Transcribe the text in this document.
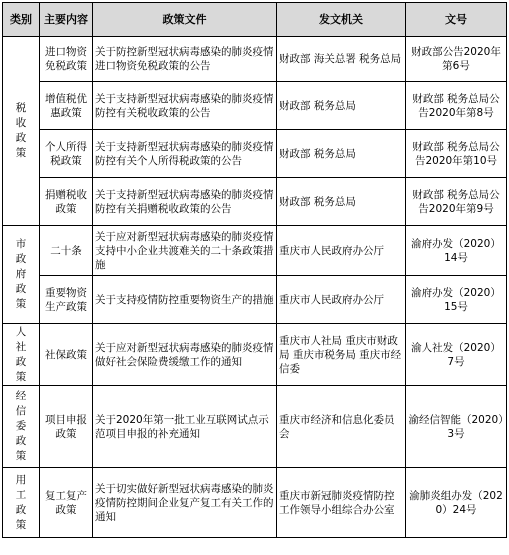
类别	主要内容	政策文件	发文机关	文号
税收政策	进口物资免税政策	关于防控新型冠状病毒感染的肺炎疫情进口物资免税政策的公告	财政部 海关总署 税务总局	财政部公告2020年第6号
	增值税优惠政策	关于支持新型冠状病毒感染的肺炎疫情防控有关税收政策的公告	财政部 税务总局	财政部 税务总局公告2020年第8号
	个人所得税政策	关于支持新型冠状病毒感染的肺炎疫情防控有关个人所得税政策的公告	财政部 税务总局	财政部 税务总局公告2020年第10号
	捐赠税收政策	关于支持新型冠状病毒感染的肺炎疫情防控有关捐赠税收政策的公告	财政部 税务总局	财政部 税务总局公告2020年第9号
市政府政策	二十条	关于应对新型冠状病毒感染的肺炎疫情支持中小企业共渡难关的二十条政策措施	重庆市人民政府办公厅	渝府办发（2020）14号
	重要物资生产政策	关于支持疫情防控重要物资生产的措施	重庆市人民政府办公厅	渝府办发（2020）15号
人社政策	社保政策	关于应对新型冠状病毒感染的肺炎疫情做好社会保险费缓缴工作的通知	重庆市人社局 重庆市财政局 重庆市税务局 重庆市经信委	渝人社发（2020）7号
经信委政策	项目申报政策	关于2020年第一批工业互联网试点示范项目申报的补充通知	重庆市经济和信息化委员会	渝经信智能（2020）3号
用工政策	复工复产政策	关于切实做好新型冠状病毒感染的肺炎疫情防控期间企业复产复工有关工作的通知	重庆市新冠肺炎疫情防控工作领导小组综合办公室	渝肺炎组办发（2020）24号
